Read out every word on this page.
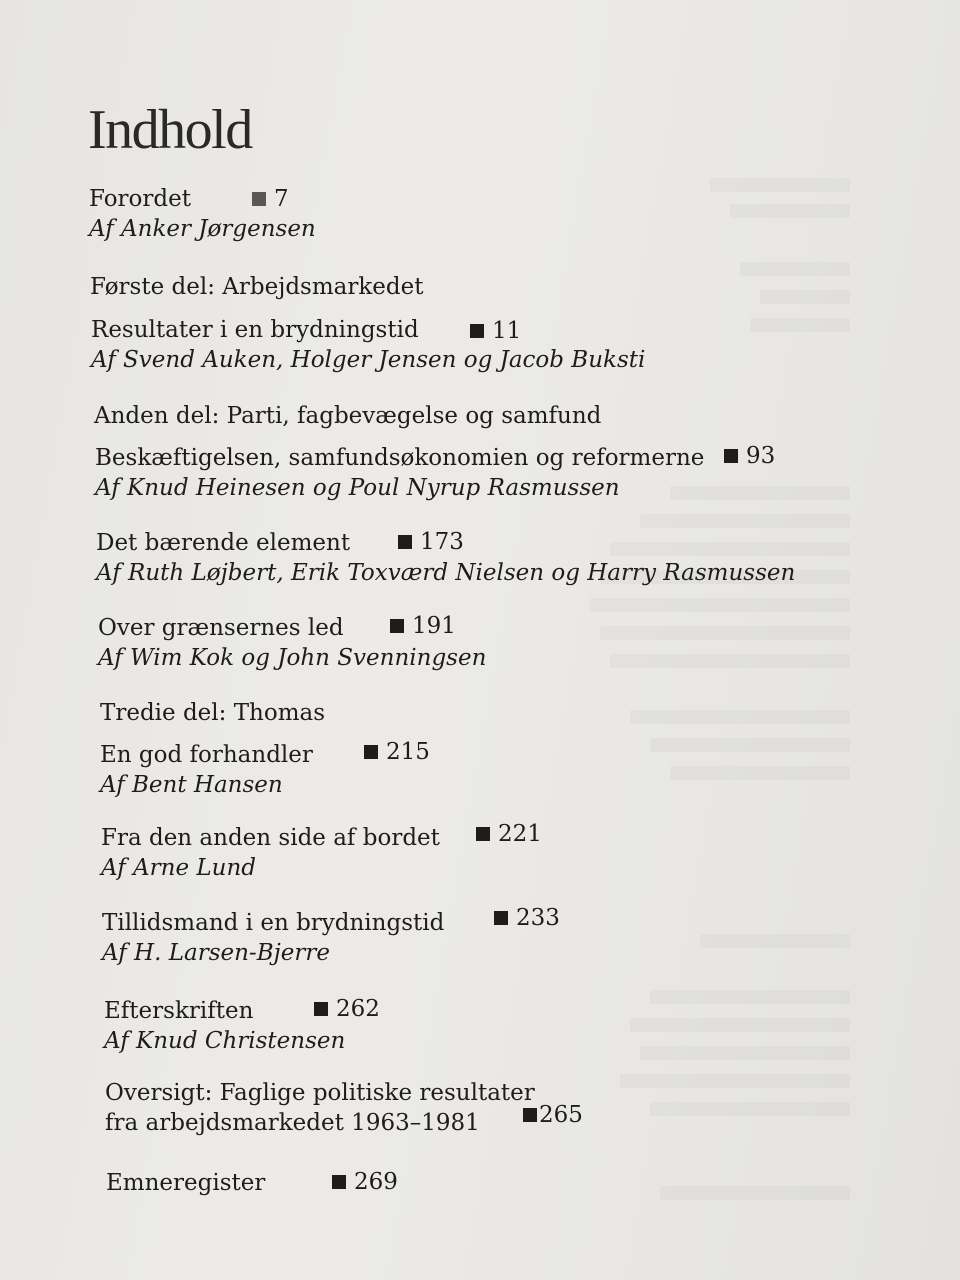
Indhold
Forordet
Af Anker Jørgensen
7
Første del: Arbejdsmarkedet
Resultater i en brydningstid
Af Svend Auken, Holger Jensen og Jacob Buksti
11
Anden del: Parti, fagbevægelse og samfund
Beskæftigelsen, samfundsøkonomien og reformerne
Af Knud Heinesen og Poul Nyrup Rasmussen
93
Det bærende element
Af Ruth Løjbert, Erik Toxværd Nielsen og Harry Rasmussen
173
Over grænsernes led
Af Wim Kok og John Svenningsen
191
Tredie del: Thomas
En god forhandler
Af Bent Hansen
215
Fra den anden side af bordet
Af Arne Lund
221
Tillidsmand i en brydningstid
Af H. Larsen-Bjerre
233
Efterskriften
Af Knud Christensen
262
Oversigt: Faglige politiske resultater
fra arbejdsmarkedet 1963–1981	265
Emneregister	269
